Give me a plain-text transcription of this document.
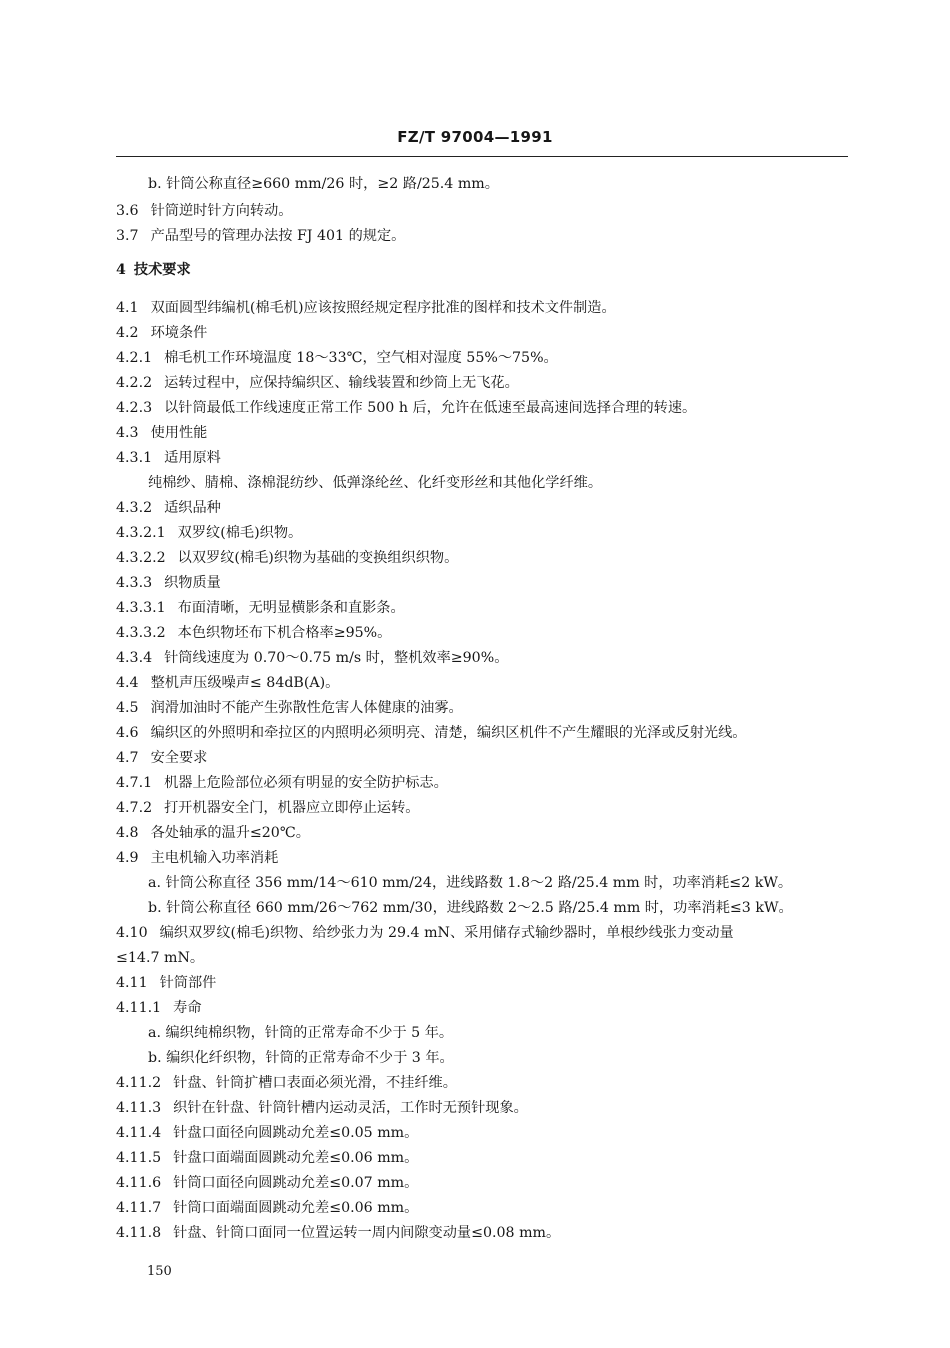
FZ/T 97004—1991
b. 针筒公称直径≥660 mm/26 时，≥2 路/25.4 mm。
3.6 针筒逆时针方向转动。
3.7 产品型号的管理办法按 FJ 401 的规定。
4 技术要求
4.1 双面圆型纬编机(棉毛机)应该按照经规定程序批准的图样和技术文件制造。
4.2 环境条件
4.2.1 棉毛机工作环境温度 18～33℃，空气相对湿度 55%～75%。
4.2.2 运转过程中，应保持编织区、输线装置和纱筒上无飞花。
4.2.3 以针筒最低工作线速度正常工作 500 h 后，允许在低速至最高速间选择合理的转速。
4.3 使用性能
4.3.1 适用原料
纯棉纱、腈棉、涤棉混纺纱、低弹涤纶丝、化纤变形丝和其他化学纤维。
4.3.2 适织品种
4.3.2.1 双罗纹(棉毛)织物。
4.3.2.2 以双罗纹(棉毛)织物为基础的变换组织织物。
4.3.3 织物质量
4.3.3.1 布面清晰，无明显横影条和直影条。
4.3.3.2 本色织物坯布下机合格率≥95%。
4.3.4 针筒线速度为 0.70～0.75 m/s 时，整机效率≥90%。
4.4 整机声压级噪声≤ 84dB(A)。
4.5 润滑加油时不能产生弥散性危害人体健康的油雾。
4.6 编织区的外照明和牵拉区的内照明必须明亮、清楚，编织区机件不产生耀眼的光泽或反射光线。
4.7 安全要求
4.7.1 机器上危险部位必须有明显的安全防护标志。
4.7.2 打开机器安全门，机器应立即停止运转。
4.8 各处轴承的温升≤20℃。
4.9 主电机输入功率消耗
a. 针筒公称直径 356 mm/14～610 mm/24，进线路数 1.8～2 路/25.4 mm 时，功率消耗≤2 kW。
b. 针筒公称直径 660 mm/26～762 mm/30，进线路数 2～2.5 路/25.4 mm 时，功率消耗≤3 kW。
4.10 编织双罗纹(棉毛)织物、给纱张力为 29.4 mN、采用储存式输纱器时，单根纱线张力变动量
≤14.7 mN。
4.11 针筒部件
4.11.1 寿命
a. 编织纯棉织物，针筒的正常寿命不少于 5 年。
b. 编织化纤织物，针筒的正常寿命不少于 3 年。
4.11.2 针盘、针筒扩槽口表面必须光滑，不挂纤维。
4.11.3 织针在针盘、针筒针槽内运动灵活，工作时无预针现象。
4.11.4 针盘口面径向圆跳动允差≤0.05 mm。
4.11.5 针盘口面端面圆跳动允差≤0.06 mm。
4.11.6 针筒口面径向圆跳动允差≤0.07 mm。
4.11.7 针筒口面端面圆跳动允差≤0.06 mm。
4.11.8 针盘、针筒口面同一位置运转一周内间隙变动量≤0.08 mm。
150
